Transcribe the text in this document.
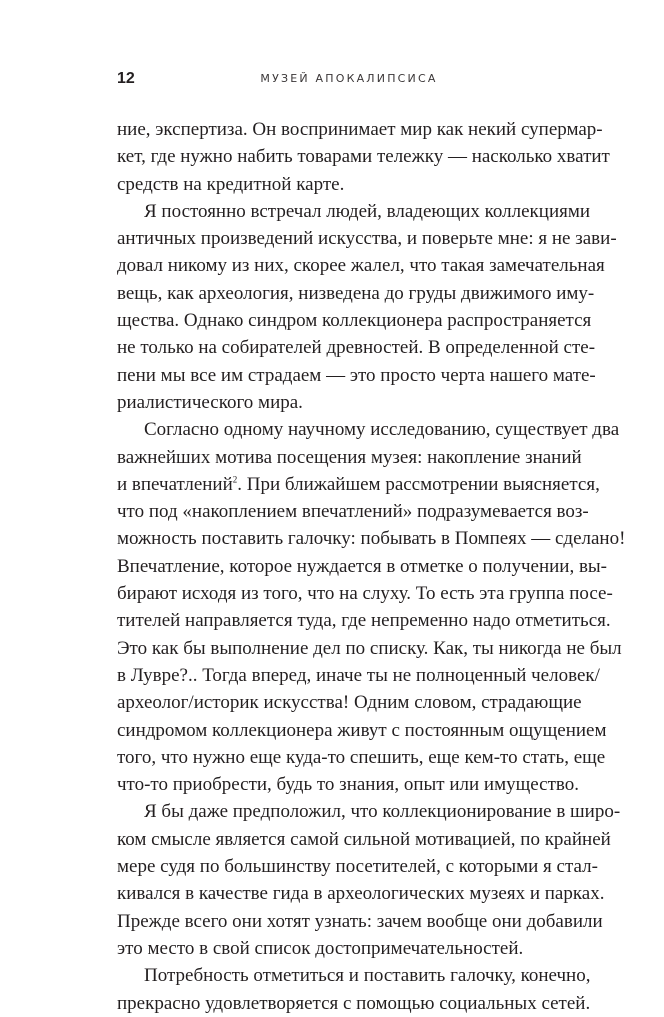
12	МУЗЕЙ АПОКАЛИПСИСА
ние, экспертиза. Он воспринимает мир как некий супермар-
кет, где нужно набить товарами тележку — насколько хватит
средств на кредитной карте.
Я постоянно встречал людей, владеющих коллекциями
античных произведений искусства, и поверьте мне: я не зави-
довал никому из них, скорее жалел, что такая замечательная
вещь, как археология, низведена до груды движимого иму-
щества. Однако синдром коллекционера распространяется
не только на собирателей древностей. В определенной сте-
пени мы все им страдаем — это просто черта нашего мате-
риалистического мира.
Согласно одному научному исследованию, существует два
важнейших мотива посещения музея: накопление знаний
и впечатлений$^2$. При ближайшем рассмотрении выясняется,
что под «накоплением впечатлений» подразумевается воз-
можность поставить галочку: побывать в Помпеях — сделано!
Впечатление, которое нуждается в отметке о получении, вы-
бирают исходя из того, что на слуху. То есть эта группа посе-
тителей направляется туда, где непременно надо отметиться.
Это как бы выполнение дел по списку. Как, ты никогда не был
в Лувре?.. Тогда вперед, иначе ты не полноценный человек/
археолог/историк искусства! Одним словом, страдающие
синдромом коллекционера живут с постоянным ощущением
того, что нужно еще куда-то спешить, еще кем-то стать, еще
что-то приобрести, будь то знания, опыт или имущество.
Я бы даже предположил, что коллекционирование в широ-
ком смысле является самой сильной мотивацией, по крайней
мере судя по большинству посетителей, с которыми я стал-
кивался в качестве гида в археологических музеях и парках.
Прежде всего они хотят узнать: зачем вообще они добавили
это место в свой список достопримечательностей.
Потребность отметиться и поставить галочку, конечно,
прекрасно удовлетворяется с помощью социальных сетей.
